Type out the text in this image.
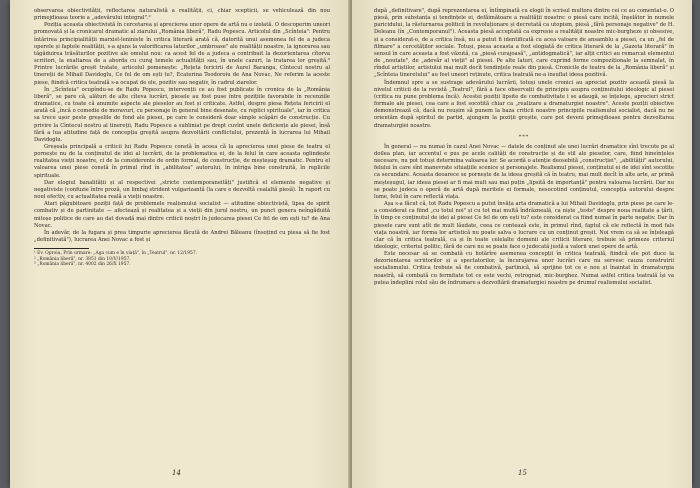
observarea obiectivității, reflectarea naturalistă a realității, ci, chiar scepticii, se vehiculează din nou primejdioasa teorie a „adevărului integral".²

Poziția aceasta obiectivistă în cercetarea și aprecierea unor opere de artă nu e izolată. O descoperim uneori promovată și la cronicarul dramatic al ziarului „România liberă", Radu Popescu. Articolul din „Scînteia": Pentru întărirea principialității marxist-leniniste în critica literară arată că, datorită unui asemenea fel de a judeca operele și faptele realității, s-a ajuns la valorificarea laturilor „umbroase" ale realității noastre, la ignorarea sau tăgăduirea trăsăturilor pozitive ale omului nou: ca acest fel de a judeca a contribuit la dezorientarea cîtorva scriitori, la exaltarea de a aborda cu curaj temele actualității sau, în unele cazuri, la tratarea lor greșită.³ Printre lucrările greșit tratate, articolul pomenește: „Rețeta fericirii de Aurel Baranga, Cîntecul nostru al tinereții de Mihail Davidoglu, Ce fel de om ești tu?, Ecaterina Teodoroiu de Ana Novac, Ne referim la aceste piese, fiindcă critica teatrală s-a ocupat de ele, pozitiv sau negativ, în cadrul ziarelor.

În „Scînteia" ocupîndu-se de Radu Popescu, intervenții ce au fost publicate în cronica de la „România liberă", se pare că, alături de alte cîteva lucrări, piesele au fost puse între pozițiile favorabile în recenziile dramatice, cu toate că anumite aspecte ale pieselor au fost și criticate. Astfel, despre piesa Rețeta fericirii el arată că „încă o comedie de moravuri, cu personaje în general bine desenate, cu replici spirituale", iar în critica sa trece ușor peste greșelile de fond ale piesei, pe care le consideră doar simple scăpări de construcție. Cu privire la Cîntecul nostru al tinereții, Radu Popescu a subliniat pe drept cuvînt unele deficiențe ale piesei, însă fără a lua atitudine față de concepția greșită asupra dezvoltării conflictului, prezentă în lucrarea lui Mihail Davidoglu.

Greșeala principală a criticii lui Radu Popescu constă în aceea că la aprecierea unei piese de teatru el pornește nu de la conținutul de idei al lucrării, de la problematica ei, de la felul în care aceasta oglindește realitatea vieții noastre, ci de la considerente de ordin formal, de construcție, de meșteșug dramatic. Pentru el valoarea unei piese constă în primul rînd în „abilitatea" autorului, în intriga bine construită, în replicile spirituale.

Dar elogiul banalității și al respectivei „stricte contemporaneități" justifică el elemente negative și negativiste (confuzie între proză, un limbaj strident vulgarizantă (la care e dezvoltă cealaltă piesă). În raport cu noul efectiv, cu actualitatea reală a vieții noastre.

Atari păgubitoare poziții față de problemele realismului socialist — atitudine obiectivistă, lipsa de spirit combativ și de partinitate — afectează și realitatea și a vieții din jurul nostru, un punct genera neîngăduită mitoșe politice de care au dat dovadă mai dintre criticii noștri în judecarea piesei Ce fel de om ești tu? de Ana Novac.

În adevăr, de la fugara și prea timpurie aprecierea făcută de Andrei Băleanu (însoțind cu piesa să fie fost „definitivată"), lucrarea Anei Novac a fost și

¹ Ev. Oproiu, Prin urmare: „Aga cum e în viață", în „Teatrul", nr. 12/1957.
² „România liberă", nr. 3851 din 10/V/1957.
³ „România liberă", nr. 4002 din 26/X 1957.
14

după „definitivare", după reprezentarea ei, întîmpinată cu elogii în scrisul multora dintre cei ce au comentat-o. O piesă, prin substanța și tendințele ei, defăimătoare a realității noastre: o piesă care incită, înșelător în numele paricidului, la răsturnarea politicii în revoluționare și decretată ca utopism, piesă „fără personaje negative" de H. Deleanu (în „Contemporanul"). Aceasta piesă acceptată ca expresie a realității noastre mic-burgheze și obsesive, și a considerat-o, de a critica însă, nu a putut fi identificată cu acea valoare de ansamblu a piesei, ca un „fel de filmare" a cercetăților sociale. Totuși, piesa aceasta a fost elogiată de critica literară de la „Gazeta literară" în sensul în care aceasta a fost văzută, ca „piesă curajoasă", „antidogmatică", iar alții critici au remarcat elementul de „noutate", de „adevăr al vieții" al piesei. Pe alte laturi, care cuprind forme compoziționale la semnalat, în rîndul artiștilor, artistului mai mult decît tendințele reale din piesă. Cronicile de teatru de la „România liberă" și „Scînteia tineretului" au fost uneori reținute, critica teatrală ne-a insuflat ideea pozitivă.

Îndemnul spre a se sustrage adevărului lucrării, totuși unele cronici au apreciat pozitiv această piesă la nivelul criticii de la revistă „Teatrul", fără a face observații de principiu asupra conținutului ideologic al piesei (critica nu pune problema încă). Acestei poziții lipsite de combativitate i se adaugă, se înțelege, aprecieri strict formale ale piesei, cea care a fost socotită chiar ca „realizare a dramaturgiei noastre". Aceste poziții obiective demonstrează că, dacă nu reușim să punem la baza criticii noastre principiile realismului socialist, dacă nu ne orientăm după spiritul de partid, ajungem la poziții greșite, care pot deveni primejdioase pentru dezvoltarea dramaturgiei noastre.

***

În general — nu numai în cazul Anei Novac — datele de conținut ale unei lucrări dramatice sînt trecute pe al doilea plan, iar accentul e pus pe acele calități de construcție și de stil ale pieselor, care, fiind bineînțeles necesare, nu pot totuși determina valoarea lor. Se acordă o atenție deosebită „construcției", „abilității" autorului, felului în care sînt manevrate situațiile scenice și personajele. Realismul piesei, conținutul ei de idei sînt socotite ca secundare. Aceasta deoarece se pornește de la ideea greșită că în teatru, mai mult decît în alte arte, ar primă meșteșugul, iar ideea piesei ar fi mai mult sau mai puțin „lipsită de importanță" pentru valoarea lucrării. Dar nu se poate judeca o operă de artă după meritele ei formale, nesocotind conținutul, concepția autorului despre lume, felul în care reflectă viața.

Așa s-a făcut că, tot Radu Popescu a putut învăța arta dramatică a lui Mihail Davidoglu, prin piese pe care le-a considerat ca fiind „cu totul noi" și cu tot mai multă îndrăzneală, ca niște „teste" despre noua realitate a țării, în timp ce conținutul de idei al piesei Ce fel de om ești tu? este considerat ca fiind numai în parte negativ. Dar în piesele care sunt atît de mult lăudate, ceea ce contează este, în primul rînd, faptul că ele reflectă în mod fals viața noastră, iar forma lor artistică nu poate salva o lucrare cu un conținut greșit. Noi vrem ca să se înțeleagă clar că în critica teatrală, ca și în toate celelalte domenii ale criticii literare, trebuie să primeze criteriul ideologic, criteriul politic, fără de care nu se poate face o judecată justă a valorii unei opere de artă.

Este necesar să se combată cu hotărîre asemenea concepții în critica teatrală, fiindcă ele pot duce la dezorientarea scriitorilor și a spectatorilor, la încurajarea unor lucrări care nu servesc cauza construirii socialismului. Critica trebuie să fie combativă, partinică, să sprijine tot ce e nou și înaintat în dramaturgia noastră, să combată cu fermitate tot ce este vechi, retrograd, mic-burghez. Numai astfel critica teatrală își va putea îndeplini rolul său de îndrumare a dezvoltării dramaturgiei noastre pe drumul realismului socialist.

15
